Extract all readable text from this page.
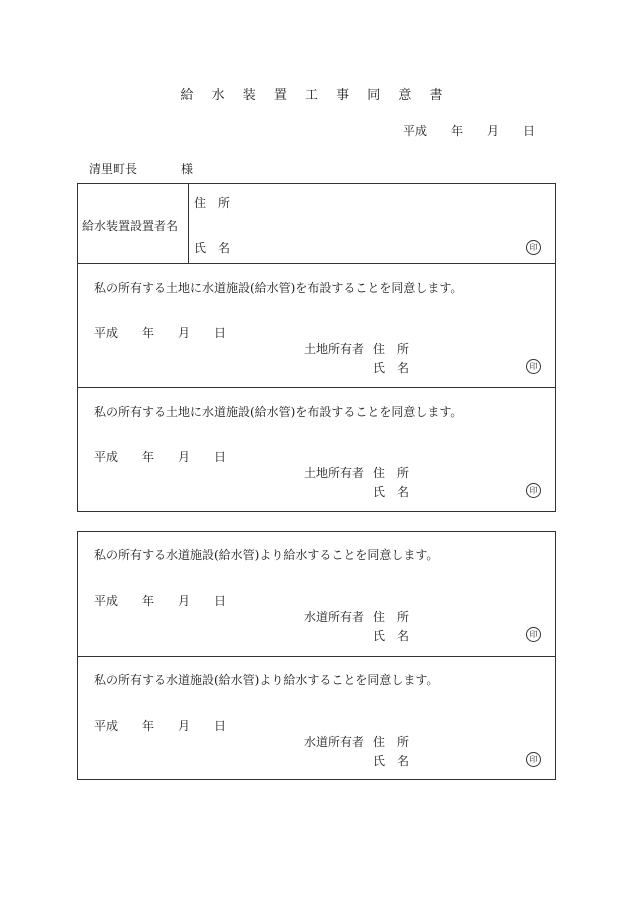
給 水 装 置 工 事 同 意 書
平成　　年　　月　　日
清里町長	様
給水装置設置者名
住　所
氏　名	印
私の所有する土地に水道施設(給水管)を布設することを同意します。
平成　　年　　月　　日
土地所有者 住　所
氏　名	印
私の所有する土地に水道施設(給水管)を布設することを同意します。
平成　　年　　月　　日
土地所有者 住　所
氏　名	印
私の所有する水道施設(給水管)より給水することを同意します。
平成　　年　　月　　日
水道所有者 住　所
氏　名	印
私の所有する水道施設(給水管)より給水することを同意します。
平成　　年　　月　　日
水道所有者 住　所
氏　名	印
